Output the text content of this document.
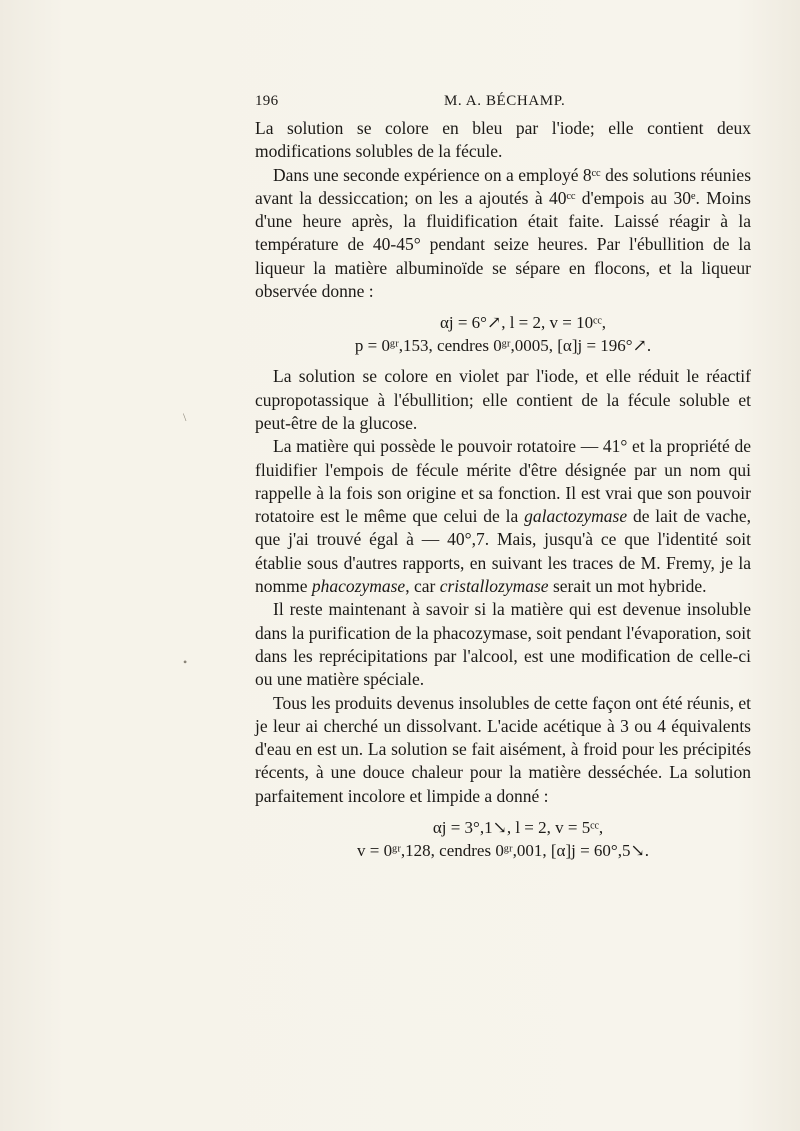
196	M. A. BÉCHAMP.

La solution se colore en bleu par l'iode; elle contient deux modifications solubles de la fécule.

Dans une seconde expérience on a employé 8ᶜᶜ des solutions réunies avant la dessiccation; on les a ajoutés à 40ᶜᶜ d'empois au 30ᵉ. Moins d'une heure après, la fluidification était faite. Laissé réagir à la température de 40-45° pendant seize heures. Par l'ébullition de la liqueur la matière albuminoïde se sépare en flocons, et la liqueur observée donne :

αj = 6°↗, l = 2, v = 10ᶜᶜ,
p = 0ᵍʳ,153, cendres 0ᵍʳ,0005, [α]j = 196°↗.

La solution se colore en violet par l'iode, et elle réduit le réactif cupropotassique à l'ébullition; elle contient de la fécule soluble et peut-être de la glucose.

La matière qui possède le pouvoir rotatoire — 41° et la propriété de fluidifier l'empois de fécule mérite d'être désignée par un nom qui rappelle à la fois son origine et sa fonction. Il est vrai que son pouvoir rotatoire est le même que celui de la galactozymase de lait de vache, que j'ai trouvé égal à — 40°,7. Mais, jusqu'à ce que l'identité soit établie sous d'autres rapports, en suivant les traces de M. Fremy, je la nomme phacozymase, car cristallozymase serait un mot hybride.

Il reste maintenant à savoir si la matière qui est devenue insoluble dans la purification de la phacozymase, soit pendant l'évaporation, soit dans les reprécipitations par l'alcool, est une modification de celle-ci ou une matière spéciale.

Tous les produits devenus insolubles de cette façon ont été réunis, et je leur ai cherché un dissolvant. L'acide acétique à 3 ou 4 équivalents d'eau en est un. La solution se fait aisément, à froid pour les précipités récents, à une douce chaleur pour la matière desséchée. La solution parfaitement incolore et limpide a donné :

αj = 3°,1↘, l = 2, v = 5ᶜᶜ,
v = 0ᵍʳ,128, cendres 0ᵍʳ,001, [α]j = 60°,5↘.
\
•
